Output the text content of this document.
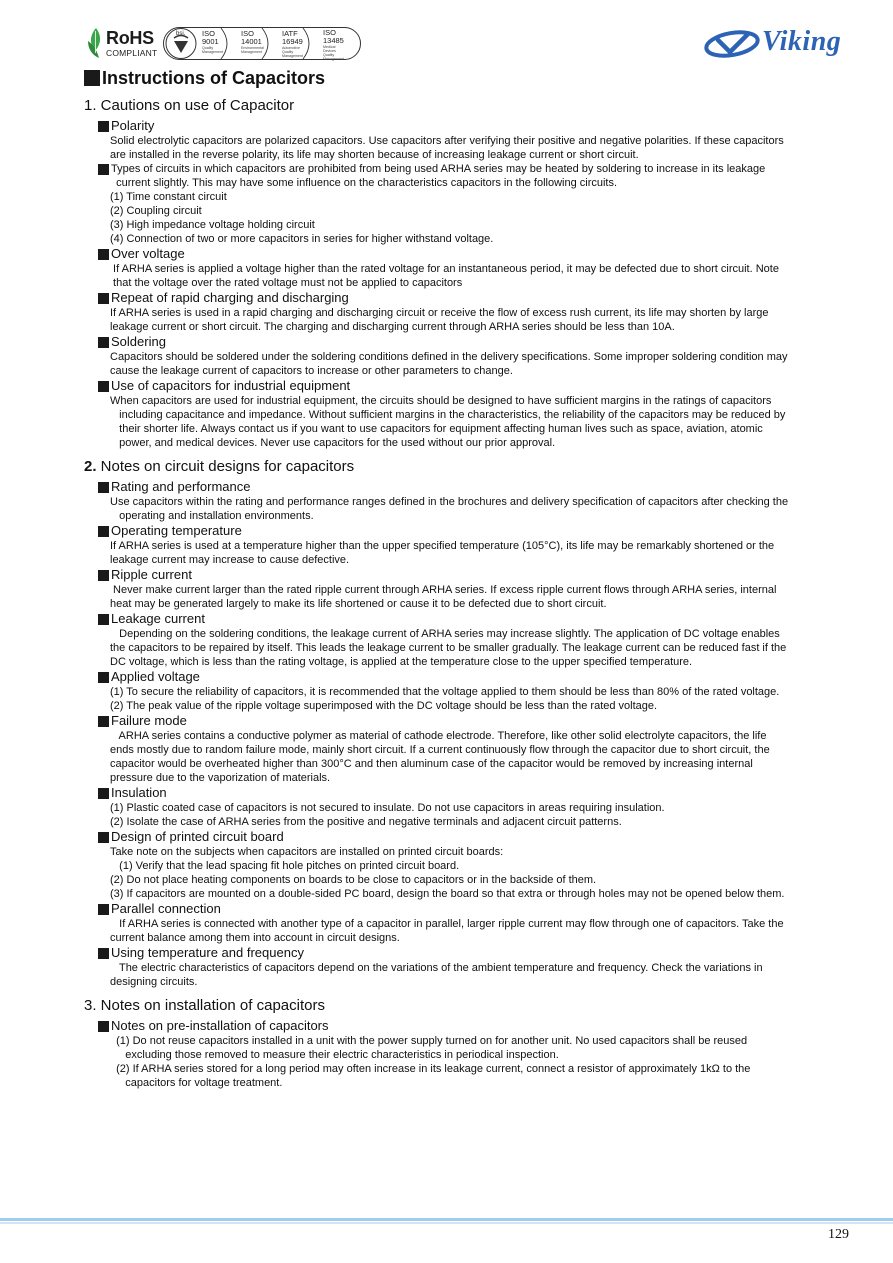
RoHS
COMPLIANT
bsi. ISO
9001
Quality Management
ISO
14001
Environmental Management
IATF
16949
Automotive Quality Management
ISO
13485
Medical Devices Quality Management
Viking
Instructions of Capacitors
1. Cautions on use of Capacitor
Polarity
Solid electrolytic capacitors are polarized capacitors. Use capacitors after verifying their positive and negative polarities. If these capacitors
are installed in the reverse polarity, its life may shorten because of increasing leakage current or short circuit.
Types of circuits in which capacitors are prohibited from being used ARHA series may be heated by soldering to increase in its leakage
current slightly. This may have some influence on the characteristics capacitors in the following circuits.
(1) Time constant circuit
(2) Coupling circuit
(3) High impedance voltage holding circuit
(4) Connection of two or more capacitors in series for higher withstand voltage.
Over voltage
If ARHA series is applied a voltage higher than the rated voltage for an instantaneous period, it may be defected due to short circuit. Note
that the voltage over the rated voltage must not be applied to capacitors
Repeat of rapid charging and discharging
If ARHA series is used in a rapid charging and discharging circuit or receive the flow of excess rush current, its life may shorten by large
leakage current or short circuit. The charging and discharging current through ARHA series should be less than 10A.
Soldering
Capacitors should be soldered under the soldering conditions defined in the delivery specifications. Some improper soldering condition may
cause the leakage current of capacitors to increase or other parameters to change.
Use of capacitors for industrial equipment
When capacitors are used for industrial equipment, the circuits should be designed to have sufficient margins in the ratings of capacitors
including capacitance and impedance. Without sufficient margins in the characteristics, the reliability of the capacitors may be reduced by
their shorter life. Always contact us if you want to use capacitors for equipment affecting human lives such as space, aviation, atomic
power, and medical devices. Never use capacitors for the used without our prior approval.
2. Notes on circuit designs for capacitors
Rating and performance
Use capacitors within the rating and performance ranges defined in the brochures and delivery specification of capacitors after checking the
operating and installation environments.
Operating temperature
If ARHA series is used at a temperature higher than the upper specified temperature (105°C), its life may be remarkably shortened or the
leakage current may increase to cause defective.
Ripple current
Never make current larger than the rated ripple current through ARHA series. If excess ripple current flows through ARHA series, internal
heat may be generated largely to make its life shortened or cause it to be defected due to short circuit.
Leakage current
Depending on the soldering conditions, the leakage current of ARHA series may increase slightly. The application of DC voltage enables
the capacitors to be repaired by itself. This leads the leakage current to be smaller gradually. The leakage current can be reduced fast if the
DC voltage, which is less than the rating voltage, is applied at the temperature close to the upper specified temperature.
Applied voltage
(1) To secure the reliability of capacitors, it is recommended that the voltage applied to them should be less than 80% of the rated voltage.
(2) The peak value of the ripple voltage superimposed with the DC voltage should be less than the rated voltage.
Failure mode
ARHA series contains a conductive polymer as material of cathode electrode. Therefore, like other solid electrolyte capacitors, the life
ends mostly due to random failure mode, mainly short circuit. If a current continuously flow through the capacitor due to short circuit, the
capacitor would be overheated higher than 300°C and then aluminum case of the capacitor would be removed by increasing internal
pressure due to the vaporization of materials.
Insulation
(1) Plastic coated case of capacitors is not secured to insulate. Do not use capacitors in areas requiring insulation.
(2) Isolate the case of ARHA series from the positive and negative terminals and adjacent circuit patterns.
Design of printed circuit board
Take note on the subjects when capacitors are installed on printed circuit boards:
(1) Verify that the lead spacing fit hole pitches on printed circuit board.
(2) Do not place heating components on boards to be close to capacitors or in the backside of them.
(3) If capacitors are mounted on a double-sided PC board, design the board so that extra or through holes may not be opened below them.
Parallel connection
If ARHA series is connected with another type of a capacitor in parallel, larger ripple current may flow through one of capacitors. Take the
current balance among them into account in circuit designs.
Using temperature and frequency
The electric characteristics of capacitors depend on the variations of the ambient temperature and frequency. Check the variations in
designing circuits.
3. Notes on installation of capacitors
Notes on pre-installation of capacitors
(1) Do not reuse capacitors installed in a unit with the power supply turned on for another unit. No used capacitors shall be reused
excluding those removed to measure their electric characteristics in periodical inspection.
(2) If ARHA series stored for a long period may often increase in its leakage current, connect a resistor of approximately 1kΩ to the
capacitors for voltage treatment.
129
